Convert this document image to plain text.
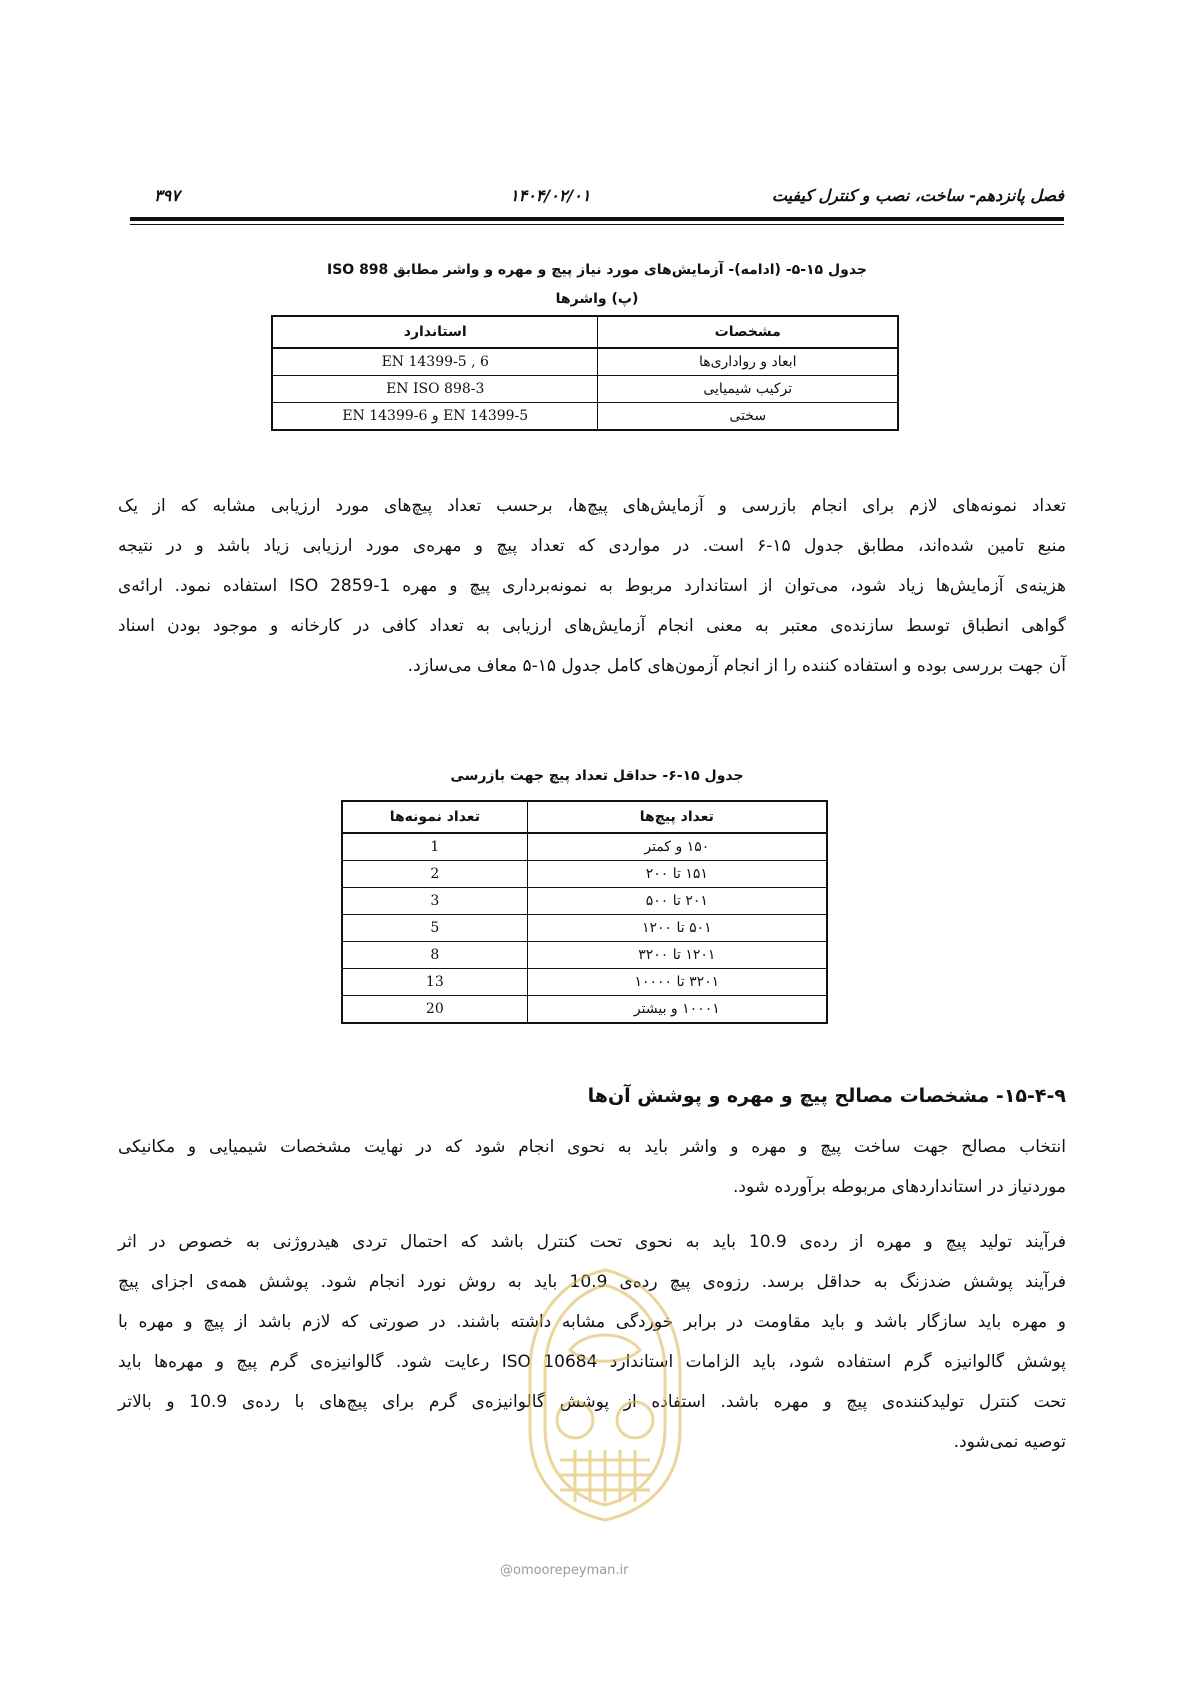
فصل پانزدهم- ساخت، نصب و کنترل کیفیت
۱۴۰۴/۰۲/۰۱
۳۹۷
جدول ۱۵-۵- (ادامه)- آزمایش‌های مورد نیاز پیچ و مهره و واشر مطابق ISO 898
(پ) واشرها
مشخصات	استاندارد
ابعاد و رواداری‌ها	EN 14399-5 , 6
ترکیب شیمیایی	EN ISO 898-3
سختی	EN 14399-5 و EN 14399-6
تعداد نمونه‌های لازم برای انجام بازرسی و آزمایش‌های پیچ‌ها، برحسب تعداد پیچ‌های مورد ارزیابی مشابه که از یک
منبع تامین شده‌اند، مطابق جدول ۱۵-۶ است. در مواردی که تعداد پیچ و مهره‌ی مورد ارزیابی زیاد باشد و در نتیجه
هزینه‌ی آزمایش‌ها زیاد شود، می‌توان از استاندارد مربوط به نمونه‌برداری پیچ و مهره ISO 2859-1 استفاده نمود. ارائه‌ی
گواهی انطباق توسط سازنده‌ی معتبر به معنی انجام آزمایش‌های ارزیابی به تعداد کافی در کارخانه و موجود بودن اسناد
آن جهت بررسی بوده و استفاده کننده را از انجام آزمون‌های کامل جدول ۱۵-۵ معاف می‌سازد.
جدول ۱۵-۶- حداقل تعداد پیچ جهت بازرسی
تعداد پیچ‌ها	تعداد نمونه‌ها
۱۵۰ و کمتر	1
۱۵۱ تا ۲۰۰	2
۲۰۱ تا ۵۰۰	3
۵۰۱ تا ۱۲۰۰	5
۱۲۰۱ تا ۳۲۰۰	8
۳۲۰۱ تا ۱۰۰۰۰	13
۱۰۰۰۱ و بیشتر	20
۱۵-۴-۹- مشخصات مصالح پیچ و مهره و پوشش آن‌ها
انتخاب مصالح جهت ساخت پیچ و مهره و واشر باید به نحوی انجام شود که در نهایت مشخصات شیمیایی و مکانیکی
موردنیاز در استانداردهای مربوطه برآورده شود.
فرآیند تولید پیچ و مهره از رده‌ی 10.9 باید به نحوی تحت کنترل باشد که احتمال تردی هیدروژنی به خصوص در اثر
فرآیند پوشش ضدزنگ به حداقل برسد. رزوه‌ی پیچ رده‌ی 10.9 باید به روش نورد انجام شود. پوشش همه‌ی اجزای پیچ
و مهره باید سازگار باشد و باید مقاومت در برابر خوردگی مشابه داشته باشند. در صورتی که لازم باشد از پیچ و مهره با
پوشش گالوانیزه گرم استفاده شود، باید الزامات استاندارد ISO 10684 رعایت شود. گالوانیزه‌ی گرم پیچ و مهره‌ها باید
تحت کنترل تولیدکننده‌ی پیچ و مهره باشد. استفاده از پوشش گالوانیزه‌ی گرم برای پیچ‌های با رده‌ی 10.9 و بالاتر
توصیه نمی‌شود.
@omoorepeyman.ir
